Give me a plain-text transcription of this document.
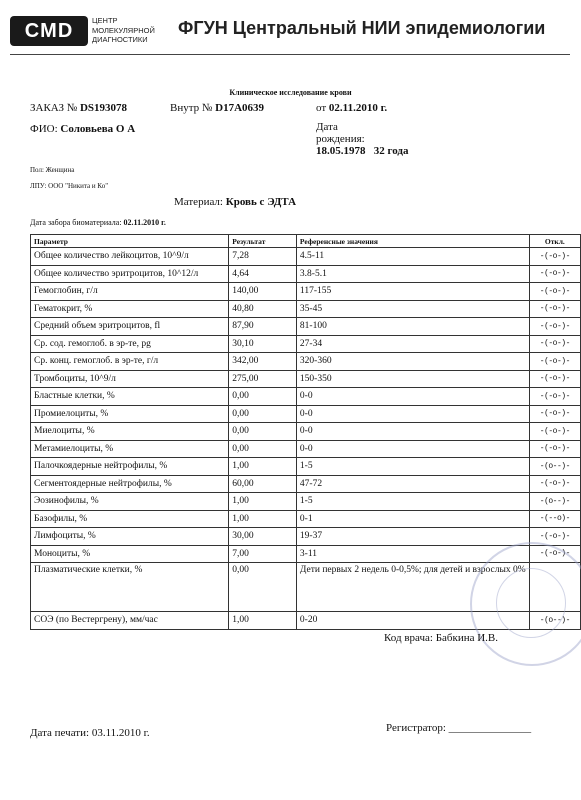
CMD	ЦЕНТР
МОЛЕКУЛЯРНОЙ
ДИАГНОСТИКИ
ФГУН Центральный НИИ эпидемиологии
Клиническое исследование крови
ЗАКАЗ № DS193078	Внутр № D17A0639	от 02.11.2010 г.
ФИО: Соловьева О А	Дата
рождения:
18.05.1978 32 года
Пол: Женщина
ЛПУ: ООО "Никита и Ко"
Материал: Кровь с ЭДТА
Дата забора биоматериала: 02.11.2010 г.
Параметр	Результат	Референсные значения	Откл.
Общее количество лейкоцитов, 10^9/л	7,28	4.5-11	-(-o-)-
Общее количество эритроцитов, 10^12/л	4,64	3.8-5.1	-(-o-)-
Гемоглобин, г/л	140,00	117-155	-(-o-)-
Гематокрит, %	40,80	35-45	-(-o-)-
Средний объем эритроцитов, fl	87,90	81-100	-(-o-)-
Ср. сод. гемоглоб. в эр-те, pg	30,10	27-34	-(-o-)-
Ср. конц. гемоглоб. в эр-те, г/л	342,00	320-360	-(-o-)-
Тромбоциты, 10^9/л	275,00	150-350	-(-o-)-
Бластные клетки, %	0,00	0-0	-(-o-)-
Промиелоциты, %	0,00	0-0	-(-o-)-
Миелоциты, %	0,00	0-0	-(-o-)-
Метамиелоциты, %	0,00	0-0	-(-o-)-
Палочкоядерные нейтрофилы, %	1,00	1-5	-(o--)-
Сегментоядерные нейтрофилы, %	60,00	47-72	-(-o-)-
Эозинофилы, %	1,00	1-5	-(o--)-
Базофилы, %	1,00	0-1	-(--o)-
Лимфоциты, %	30,00	19-37	-(-o-)-
Моноциты, %	7,00	3-11	-(-o-)-
Плазматические клетки, %	0,00	Дети первых 2 недель 0-0,5%; для детей и взрослых 0%	
СОЭ (по Вестергрену), мм/час	1,00	0-20	-(o--)-
Код врача: Бабкина И.В.
Дата печати: 03.11.2010 г.	Регистратор: _______________
